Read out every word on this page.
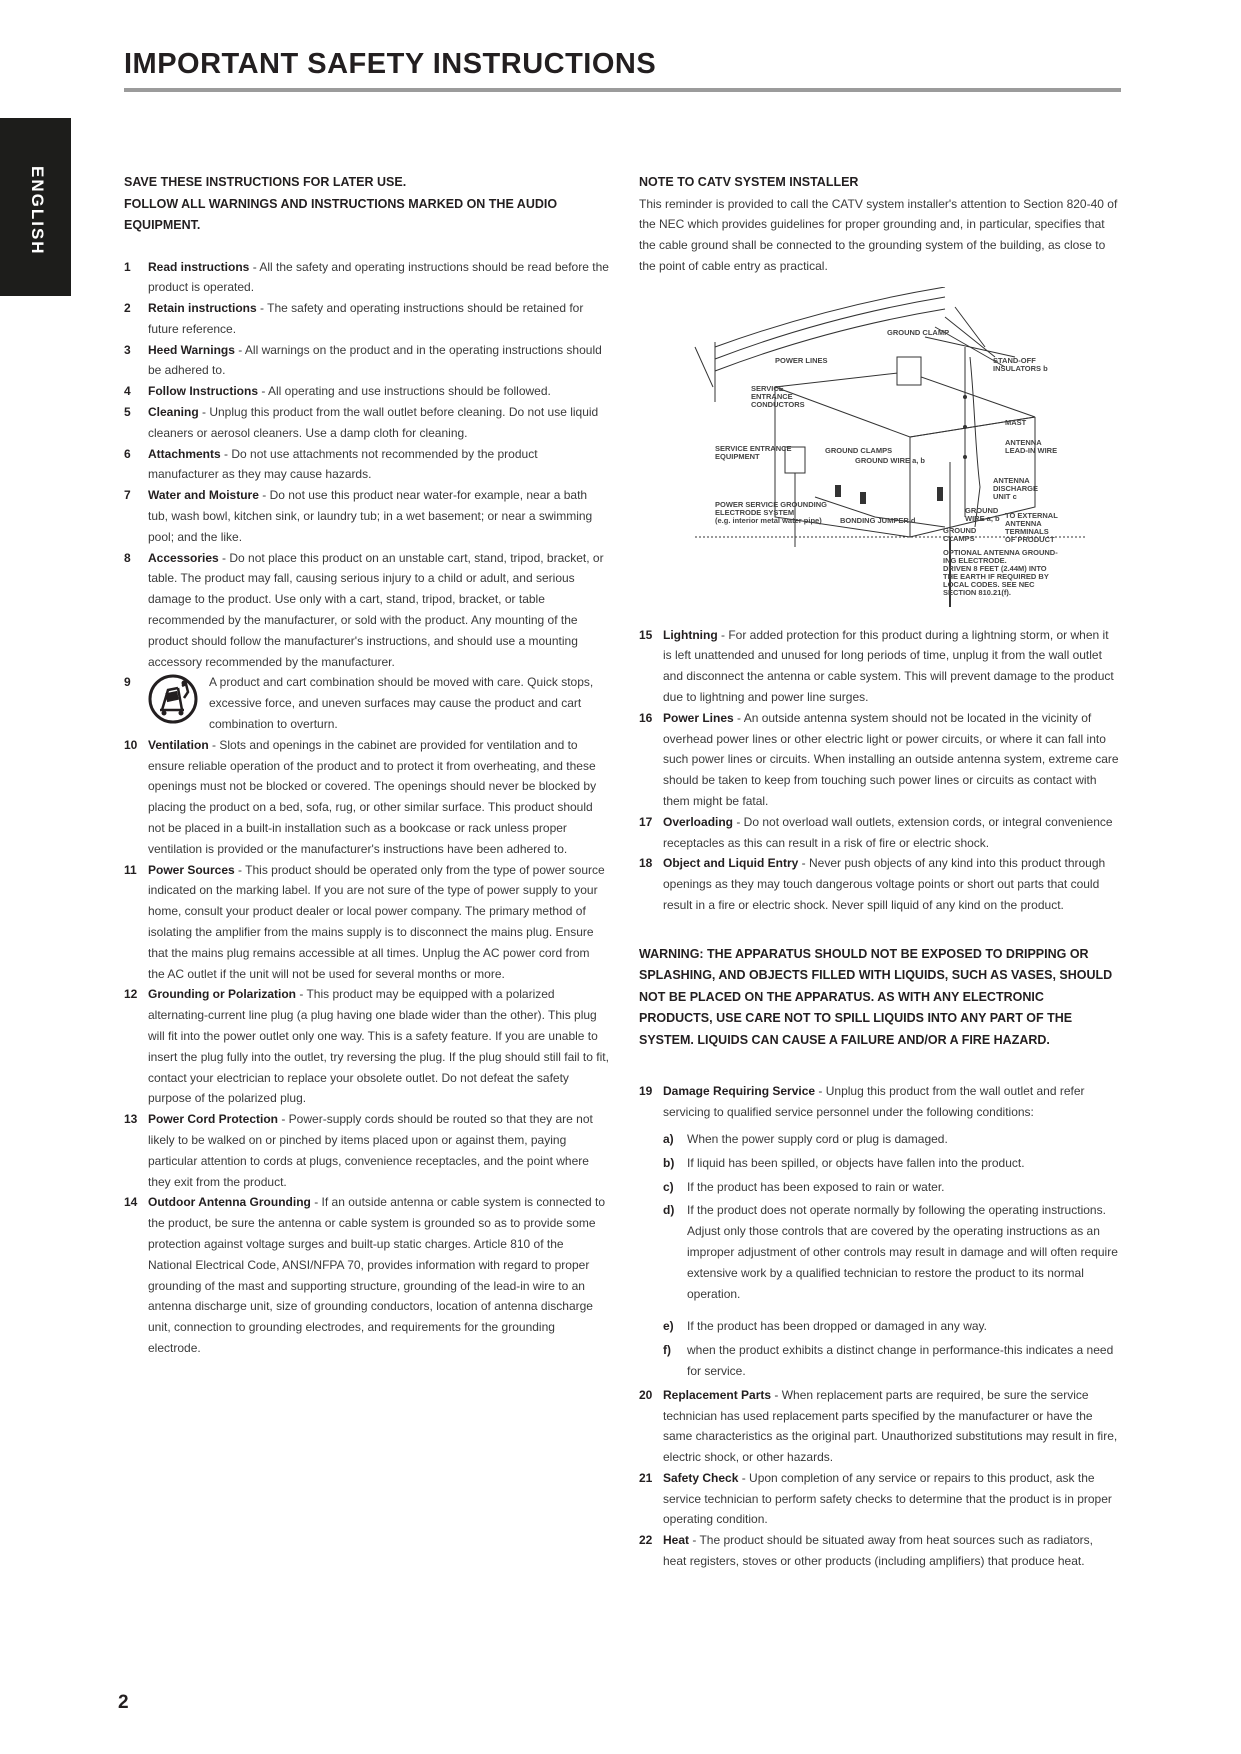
IMPORTANT SAFETY INSTRUCTIONS
ENGLISH	SAVE THESE INSTRUCTIONS FOR LATER USE.

FOLLOW ALL WARNINGS AND INSTRUCTIONS MARKED ON THE AUDIO EQUIPMENT.

1 Read instructions - All the safety and operating instructions should be read before the product is operated.

2 Retain instructions - The safety and operating instructions should be retained for future reference.

3 Heed Warnings - All warnings on the product and in the operating instructions should be adhered to.

4 Follow Instructions - All operating and use instructions should be followed.

5 Cleaning - Unplug this product from the wall outlet before cleaning. Do not use liquid cleaners or aerosol cleaners. Use a damp cloth for cleaning.

6 Attachments - Do not use attachments not recommended by the product manufacturer as they may cause hazards.

7 Water and Moisture - Do not use this product near water-for example, near a bath tub, wash bowl, kitchen sink, or laundry tub; in a wet basement; or near a swimming pool; and the like.

8 Accessories - Do not place this product on an unstable cart, stand, tripod, bracket, or table. The product may fall, causing serious injury to a child or adult, and serious damage to the product. Use only with a cart, stand, tripod, bracket, or table recommended by the manufacturer, or sold with the product. Any mounting of the product should follow the manufacturer's instructions, and should use a mounting accessory recommended by the manufacturer.

9	A product and cart combination should be moved with care. Quick stops, excessive force, and uneven surfaces may cause the product and cart combination to overturn.

10 Ventilation - Slots and openings in the cabinet are provided for ventilation and to ensure reliable operation of the product and to protect it from overheating, and these openings must not be blocked or covered. The openings should never be blocked by placing the product on a bed, sofa, rug, or other similar surface. This product should not be placed in a built-in installation such as a bookcase or rack unless proper ventilation is provided or the manufacturer's instructions have been adhered to.

11 Power Sources - This product should be operated only from the type of power source indicated on the marking label. If you are not sure of the type of power supply to your home, consult your product dealer or local power company. The primary method of isolating the amplifier from the mains supply is to disconnect the mains plug. Ensure that the mains plug remains accessible at all times. Unplug the AC power cord from the AC outlet if the unit will not be used for several months or more.

12 Grounding or Polarization - This product may be equipped with a polarized alternating-current line plug (a plug having one blade wider than the other). This plug will fit into the power outlet only one way. This is a safety feature. If you are unable to insert the plug fully into the outlet, try reversing the plug. If the plug should still fail to fit, contact your electrician to replace your obsolete outlet. Do not defeat the safety purpose of the polarized plug.

13 Power Cord Protection - Power-supply cords should be routed so that they are not likely to be walked on or pinched by items placed upon or against them, paying particular attention to cords at plugs, convenience receptacles, and the point where they exit from the product.

14 Outdoor Antenna Grounding - If an outside antenna or cable system is connected to the product, be sure the antenna or cable system is grounded so as to provide some protection against voltage surges and built-up static charges. Article 810 of the National Electrical Code, ANSI/NFPA 70, provides information with regard to proper grounding of the mast and supporting structure, grounding of the lead-in wire to an antenna discharge unit, size of grounding conductors, location of antenna discharge unit, connection to grounding electrodes, and requirements for the grounding electrode.

NOTE TO CATV SYSTEM INSTALLER

This reminder is provided to call the CATV system installer's attention to Section 820-40 of the NEC which provides guidelines for proper grounding and, in particular, specifies that the cable ground shall be connected to the grounding system of the building, as close to the point of cable entry as practical.

GROUND CLAMP
POWER LINES	STAND-OFF
INSULATORS b
SERVICE
ENTRANCE
CONDUCTORS
MAST
ANTENNA
LEAD-IN WIRE
SERVICE ENTRANCE
EQUIPMENT
GROUND CLAMPS
GROUND WIRE a, b
ANTENNA
DISCHARGE
UNIT c
POWER SERVICE GROUNDING
ELECTRODE SYSTEM
(e.g. interior metal water pipe)	BONDING JUMPER d
GROUND
WIRE a, b TO EXTERNAL
ANTENNA
TERMINALS
OF PRODUCT
GROUND
CLAMPS
OPTIONAL ANTENNA GROUND-
ING ELECTRODE.
DRIVEN 8 FEET (2.44M) INTO
THE EARTH IF REQUIRED BY
LOCAL CODES. SEE NEC
SECTION 810.21(f).

15 Lightning - For added protection for this product during a lightning storm, or when it is left unattended and unused for long periods of time, unplug it from the wall outlet and disconnect the antenna or cable system. This will prevent damage to the product due to lightning and power line surges.

16 Power Lines - An outside antenna system should not be located in the vicinity of overhead power lines or other electric light or power circuits, or where it can fall into such power lines or circuits. When installing an outside antenna system, extreme care should be taken to keep from touching such power lines or circuits as contact with them might be fatal.

17 Overloading - Do not overload wall outlets, extension cords, or integral convenience receptacles as this can result in a risk of fire or electric shock.

18 Object and Liquid Entry - Never push objects of any kind into this product through openings as they may touch dangerous voltage points or short out parts that could result in a fire or electric shock. Never spill liquid of any kind on the product.

WARNING: THE APPARATUS SHOULD NOT BE EXPOSED TO DRIPPING OR SPLASHING, AND OBJECTS FILLED WITH LIQUIDS, SUCH AS VASES, SHOULD NOT BE PLACED ON THE APPARATUS. AS WITH ANY ELECTRONIC PRODUCTS, USE CARE NOT TO SPILL LIQUIDS INTO ANY PART OF THE SYSTEM. LIQUIDS CAN CAUSE A FAILURE AND/OR A FIRE HAZARD.

19 Damage Requiring Service - Unplug this product from the wall outlet and refer servicing to qualified service personnel under the following conditions:

a) When the power supply cord or plug is damaged.

b) If liquid has been spilled, or objects have fallen into the product.

c) If the product has been exposed to rain or water.

d) If the product does not operate normally by following the operating instructions. Adjust only those controls that are covered by the operating instructions as an improper adjustment of other controls may result in damage and will often require extensive work by a qualified technician to restore the product to its normal operation.

e) If the product has been dropped or damaged in any way.

f) when the product exhibits a distinct change in performance-this indicates a need for service.

20 Replacement Parts - When replacement parts are required, be sure the service technician has used replacement parts specified by the manufacturer or have the same characteristics as the original part. Unauthorized substitutions may result in fire, electric shock, or other hazards.

21 Safety Check - Upon completion of any service or repairs to this product, ask the service technician to perform safety checks to determine that the product is in proper operating condition.

22 Heat - The product should be situated away from heat sources such as radiators, heat registers, stoves or other products (including amplifiers) that produce heat.

2
